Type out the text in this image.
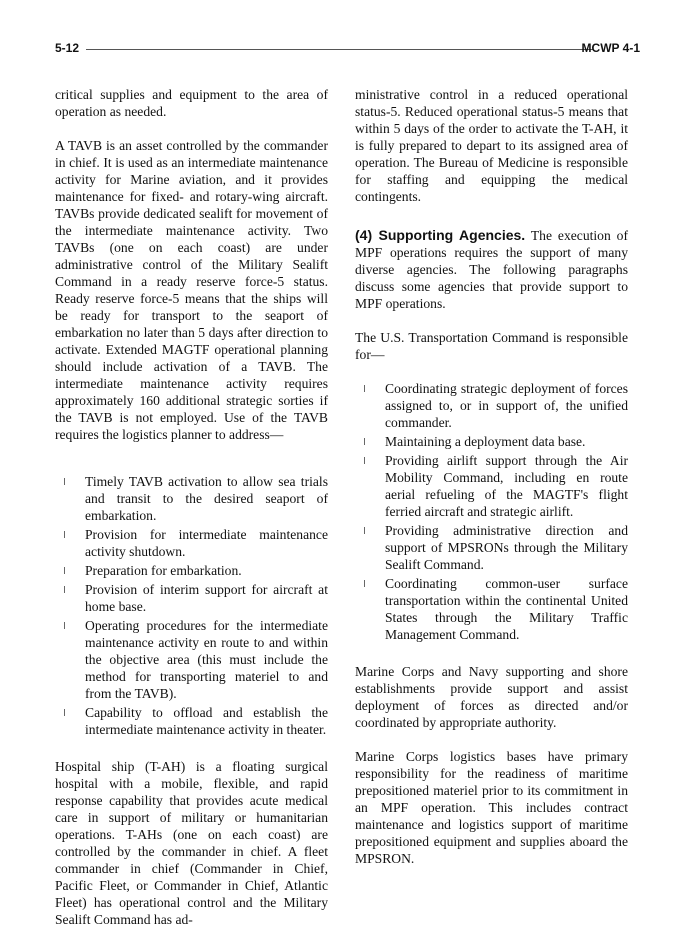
5-12	MCWP 4-1
critical supplies and equipment to the area of operation as needed.
A TAVB is an asset controlled by the commander in chief. It is used as an intermediate maintenance activity for Marine aviation, and it provides maintenance for fixed- and rotary-wing aircraft. TAVBs provide dedicated sealift for movement of the intermediate maintenance activity. Two TAVBs (one on each coast) are under administrative control of the Military Sealift Command in a ready reserve force-5 status. Ready reserve force-5 means that the ships will be ready for transport to the seaport of embarkation no later than 5 days after direction to activate. Extended MAGTF operational planning should include activation of a TAVB. The intermediate maintenance activity requires approximately 160 additional strategic sorties if the TAVB is not employed. Use of the TAVB requires the logistics planner to address—
Timely TAVB activation to allow sea trials and transit to the desired seaport of embarkation.
Provision for intermediate maintenance activity shutdown.
Preparation for embarkation.
Provision of interim support for aircraft at home base.
Operating procedures for the intermediate maintenance activity en route to and within the objective area (this must include the method for transporting materiel to and from the TAVB).
Capability to offload and establish the intermediate maintenance activity in theater.
Hospital ship (T-AH) is a floating surgical hospital with a mobile, flexible, and rapid response capability that provides acute medical care in support of military or humanitarian operations. T-AHs (one on each coast) are controlled by the commander in chief. A fleet commander in chief (Commander in Chief, Pacific Fleet, or Commander in Chief, Atlantic Fleet) has operational control and the Military Sealift Command has ad-
ministrative control in a reduced operational status-5. Reduced operational status-5 means that within 5 days of the order to activate the T-AH, it is fully prepared to depart to its assigned area of operation. The Bureau of Medicine is responsible for staffing and equipping the medical contingents.
(4) Supporting Agencies. The execution of MPF operations requires the support of many diverse agencies. The following paragraphs discuss some agencies that provide support to MPF operations.
The U.S. Transportation Command is responsible for—
Coordinating strategic deployment of forces assigned to, or in support of, the unified commander.
Maintaining a deployment data base.
Providing airlift support through the Air Mobility Command, including en route aerial refueling of the MAGTF's flight ferried aircraft and strategic airlift.
Providing administrative direction and support of MPSRONs through the Military Sealift Command.
Coordinating common-user surface transportation within the continental United States through the Military Traffic Management Command.
Marine Corps and Navy supporting and shore establishments provide support and assist deployment of forces as directed and/or coordinated by appropriate authority.
Marine Corps logistics bases have primary responsibility for the readiness of maritime prepositioned materiel prior to its commitment in an MPF operation. This includes contract maintenance and logistics support of maritime prepositioned equipment and supplies aboard the MPSRON.
